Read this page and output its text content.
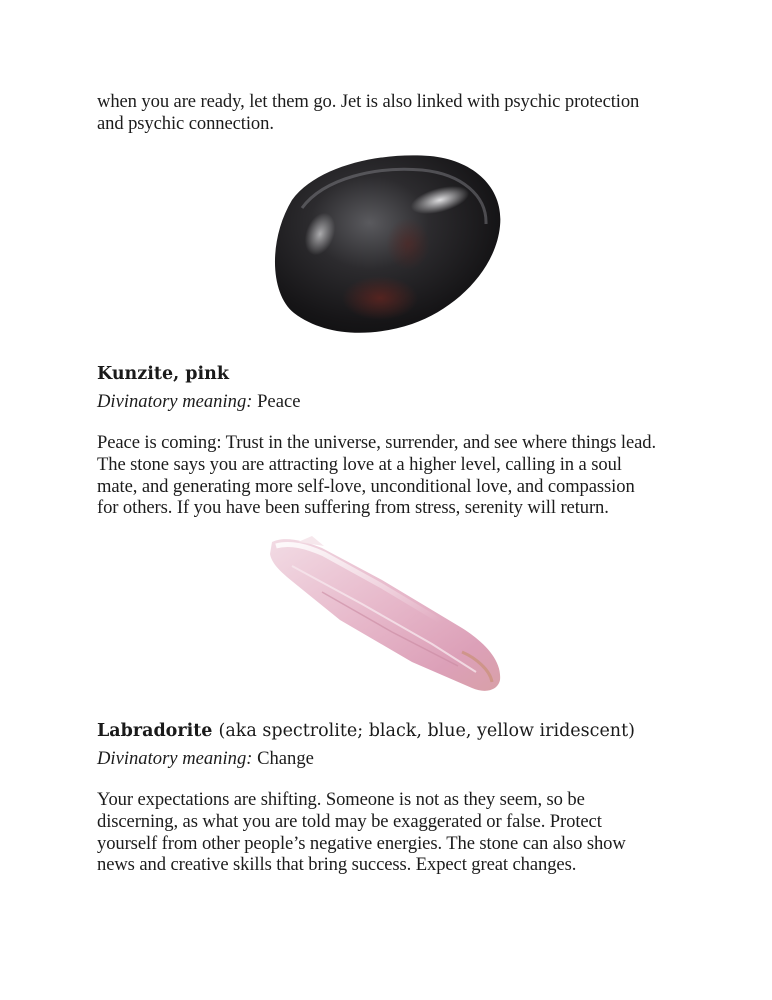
when you are ready, let them go. Jet is also linked with psychic protection
and psychic connection.

Kunzite, pink

Divinatory meaning: Peace

Peace is coming: Trust in the universe, surrender, and see where things lead.
The stone says you are attracting love at a higher level, calling in a soul
mate, and generating more self-love, unconditional love, and compassion
for others. If you have been suffering from stress, serenity will return.

Labradorite (aka spectrolite; black, blue, yellow iridescent)

Divinatory meaning: Change

Your expectations are shifting. Someone is not as they seem, so be
discerning, as what you are told may be exaggerated or false. Protect
yourself from other people’s negative energies. The stone can also show
news and creative skills that bring success. Expect great changes.
